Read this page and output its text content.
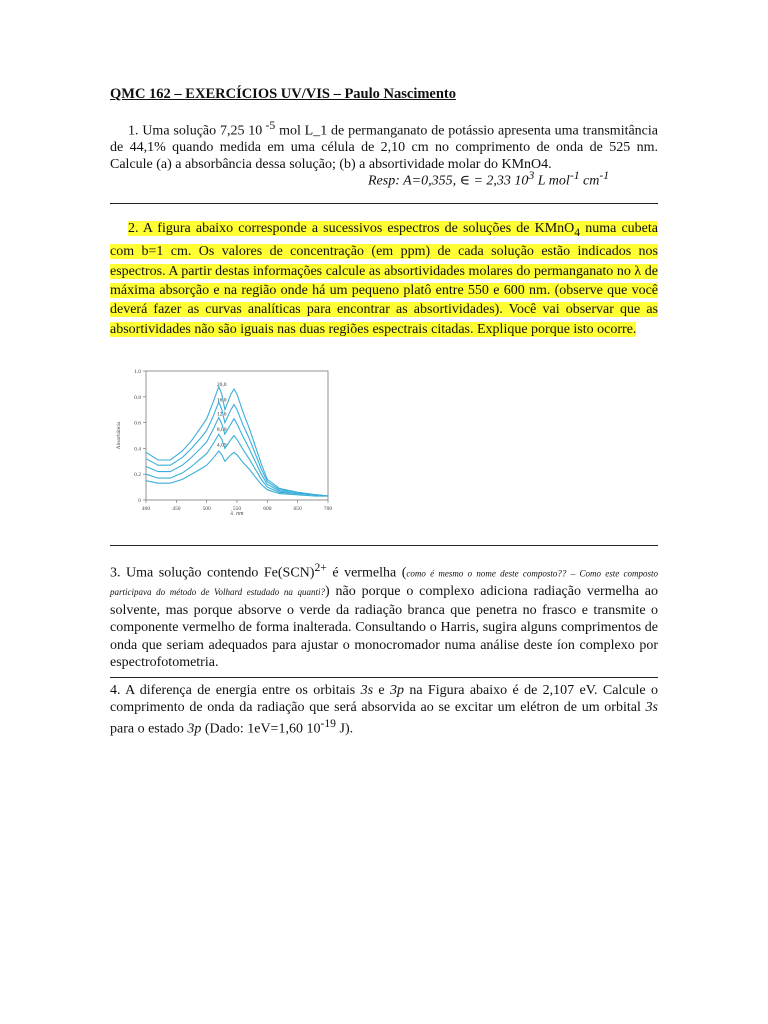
QMC 162 – EXERCÍCIOS UV/VIS – Paulo Nascimento

1. Uma solução 7,25 10 $^{-5}$ mol L_1 de permanganato de potássio apresenta uma transmitância de 44,1% quando medida em uma célula de 2,10 cm no comprimento de onda de 525 nm. Calcule (a) a absorbância dessa solução; (b) a absortividade molar do KMnO4.

Resp: A=0,355, ∈ = 2,33 $10^3$ L mol$^{-1}$ $cm^{-1}$

2. A figura abaixo corresponde a sucessivos espectros de soluções de KMnO$_4$ numa cubeta com b=1 cm. Os valores de concentração (em ppm) de cada solução estão indicados nos espectros. A partir destas informações calcule as absortividades molares do permanganato no λ de máxima absorção e na região onde há um pequeno platô entre 550 e 600 nm. (observe que você deverá fazer as curvas analíticas para encontrar as absortividades). Você vai observar que as absortividades não são iguais nas duas regiões espectrais citadas. Explique porque isto ocorre.

400	450	500	550	600	650	700
0
0.2
0.4
0.6
0.8
1.0
λ, nm
Absorbância	4,00
8,00
12,0
16,0
20,0

3. Uma solução contendo Fe(SCN)$^{2+}$ é vermelha (como é mesmo o nome deste composto?? – Como este composto participava do método de Volhard estudado na quanti?) não porque o complexo adiciona radiação vermelha ao solvente, mas porque absorve o verde da radiação branca que penetra no frasco e transmite o componente vermelho de forma inalterada. Consultando o Harris, sugira alguns comprimentos de onda que seriam adequados para ajustar o monocromador numa análise deste íon complexo por espectrofotometria.

4. A diferença de energia entre os orbitais 3s e 3p na Figura abaixo é de 2,107 eV. Calcule o comprimento de onda da radiação que será absorvida ao se excitar um elétron de um orbital 3s para o estado 3p (Dado: 1eV=1,60 $10^{-19}$ J).
